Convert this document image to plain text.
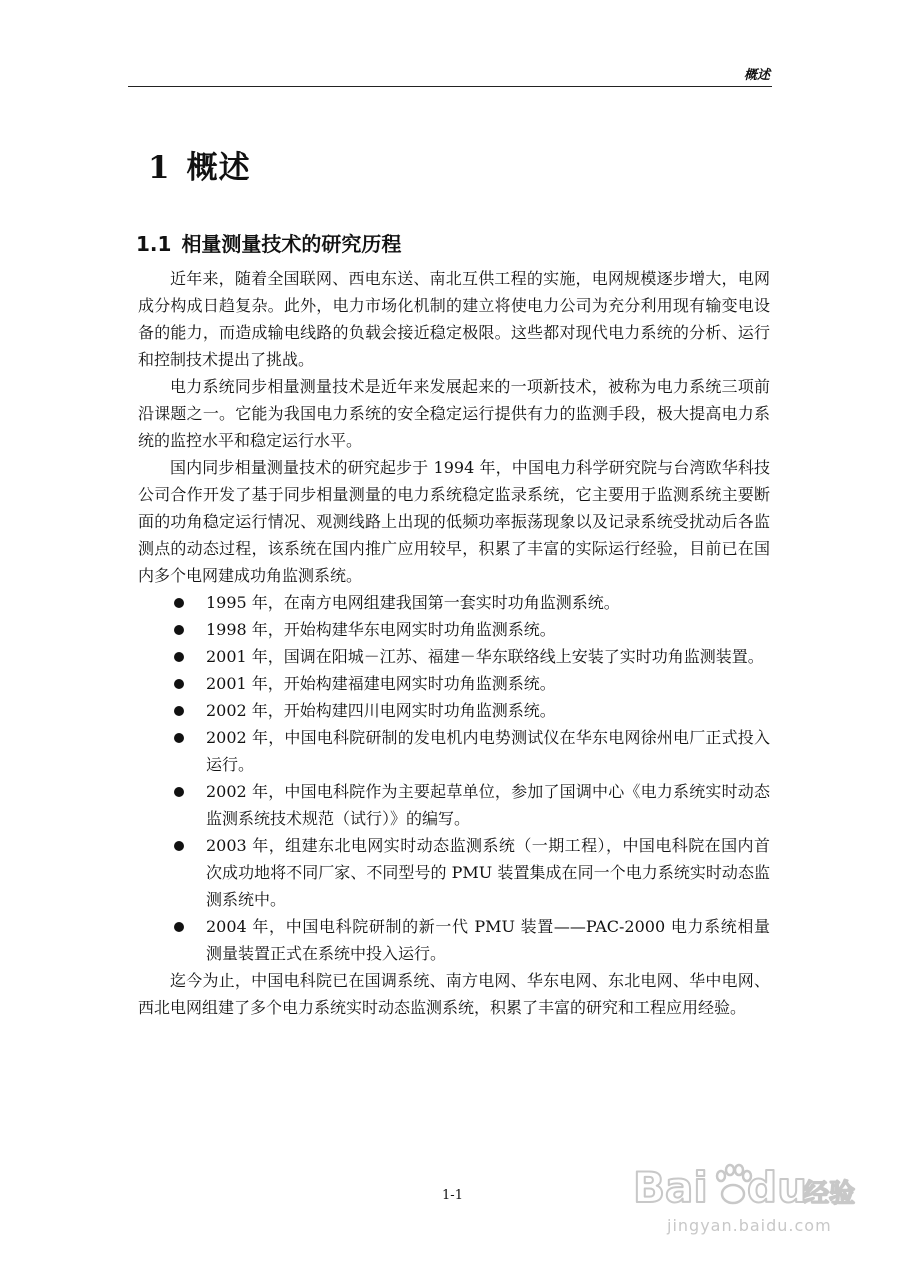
概述
1 概述
1.1 相量测量技术的研究历程

近年来，随着全国联网、西电东送、南北互供工程的实施，电网规模逐步增大，电网成分构成日趋复杂。此外，电力市场化机制的建立将使电力公司为充分利用现有输变电设备的能力，而造成输电线路的负载会接近稳定极限。这些都对现代电力系统的分析、运行和控制技术提出了挑战。

电力系统同步相量测量技术是近年来发展起来的一项新技术，被称为电力系统三项前沿课题之一。它能为我国电力系统的安全稳定运行提供有力的监测手段，极大提高电力系统的监控水平和稳定运行水平。

国内同步相量测量技术的研究起步于 1994 年，中国电力科学研究院与台湾欧华科技公司合作开发了基于同步相量测量的电力系统稳定监录系统，它主要用于监测系统主要断面的功角稳定运行情况、观测线路上出现的低频功率振荡现象以及记录系统受扰动后各监测点的动态过程，该系统在国内推广应用较早，积累了丰富的实际运行经验，目前已在国内多个电网建成功角监测系统。

1995 年，在南方电网组建我国第一套实时功角监测系统。
1998 年，开始构建华东电网实时功角监测系统。
2001 年，国调在阳城－江苏、福建－华东联络线上安装了实时功角监测装置。
2001 年，开始构建福建电网实时功角监测系统。
2002 年，开始构建四川电网实时功角监测系统。
2002 年，中国电科院研制的发电机内电势测试仪在华东电网徐州电厂正式投入运行。
2002 年，中国电科院作为主要起草单位，参加了国调中心《电力系统实时动态监测系统技术规范（试行）》的编写。
2003 年，组建东北电网实时动态监测系统（一期工程），中国电科院在国内首次成功地将不同厂家、不同型号的 PMU 装置集成在同一个电力系统实时动态监测系统中。
2004 年，中国电科院研制的新一代 PMU 装置——PAC-2000 电力系统相量测量装置正式在系统中投入运行。

迄今为止，中国电科院已在国调系统、南方电网、华东电网、东北电网、华中电网、西北电网组建了多个电力系统实时动态监测系统，积累了丰富的研究和工程应用经验。

1-1	Bai du
经验
jingyan.baidu.com
